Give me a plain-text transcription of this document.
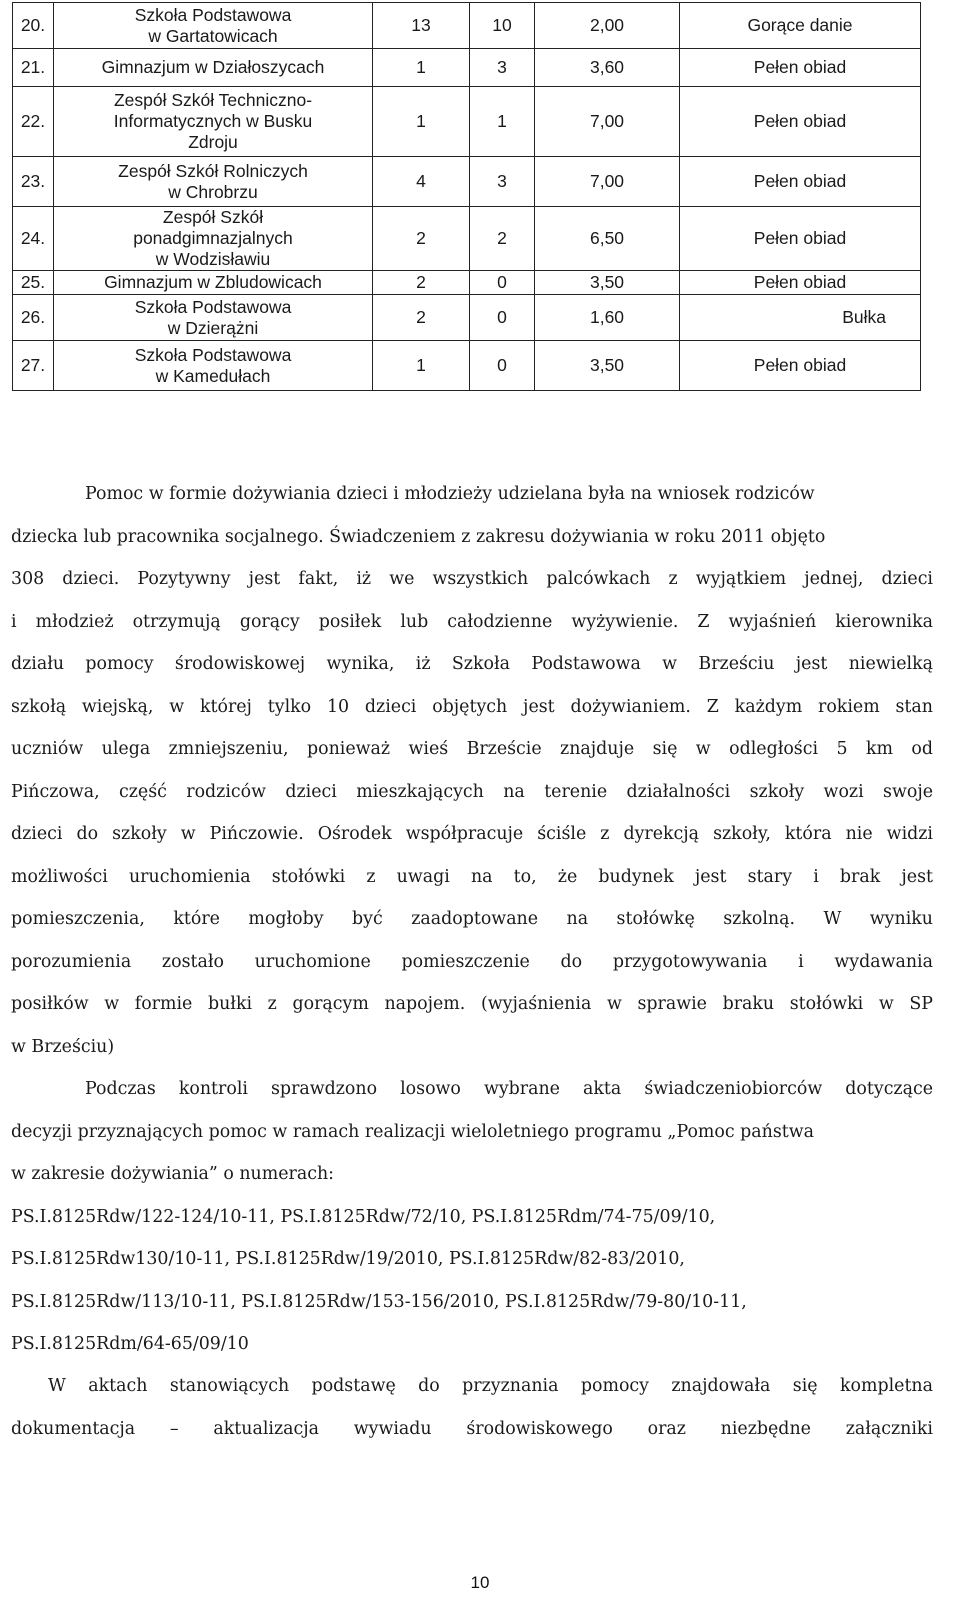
20.	Szkoła Podstawowa
w Gartatowicach	13	10	2,00	Gorące danie
21.	Gimnazjum w Działoszycach	1	3	3,60	Pełen obiad
22.	Zespół Szkół Techniczno-
Informatycznych w Busku
Zdroju	1	1	7,00	Pełen obiad
23.	Zespół Szkół Rolniczych
w Chrobrzu	4	3	7,00	Pełen obiad
24.	Zespół Szkół
ponadgimnazjalnych
w Wodzisławiu	2	2	6,50	Pełen obiad
25.	Gimnazjum w Zbludowicach	2	0	3,50	Pełen obiad
26.	Szkoła Podstawowa
w Dzierążni	2	0	1,60	Bułka
27.	Szkoła Podstawowa
w Kamedułach	1	0	3,50	Pełen obiad
Pomoc w formie dożywiania dzieci i młodzieży udzielana była na wniosek rodziców
dziecka lub pracownika socjalnego. Świadczeniem z zakresu dożywiania w roku 2011 objęto
308 dzieci. Pozytywny jest fakt, iż we wszystkich palcówkach z wyjątkiem jednej, dzieci
i młodzież otrzymują gorący posiłek lub całodzienne wyżywienie. Z wyjaśnień kierownika
działu pomocy środowiskowej wynika, iż Szkoła Podstawowa w Brześciu jest niewielką
szkołą wiejską, w której tylko 10 dzieci objętych jest dożywianiem. Z każdym rokiem stan
uczniów ulega zmniejszeniu, ponieważ wieś Brzeście znajduje się w odległości 5 km od
Pińczowa, część rodziców dzieci mieszkających na terenie działalności szkoły wozi swoje
dzieci do szkoły w Pińczowie. Ośrodek współpracuje ściśle z dyrekcją szkoły, która nie widzi
możliwości uruchomienia stołówki z uwagi na to, że budynek jest stary i brak jest
pomieszczenia, które mogłoby być zaadoptowane na stołówkę szkolną. W wyniku
porozumienia zostało uruchomione pomieszczenie do przygotowywania i wydawania
posiłków w formie bułki z gorącym napojem. (wyjaśnienia w sprawie braku stołówki w SP
w Brześciu)
Podczas kontroli sprawdzono losowo wybrane akta świadczeniobiorców dotyczące
decyzji przyznających pomoc w ramach realizacji wieloletniego programu „Pomoc państwa
w zakresie dożywiania” o numerach:
PS.I.8125Rdw/122-124/10-11, PS.I.8125Rdw/72/10, PS.I.8125Rdm/74-75/09/10,
PS.I.8125Rdw130/10-11, PS.I.8125Rdw/19/2010, PS.I.8125Rdw/82-83/2010,
PS.I.8125Rdw/113/10-11, PS.I.8125Rdw/153-156/2010, PS.I.8125Rdw/79-80/10-11,
PS.I.8125Rdm/64-65/09/10
W aktach stanowiących podstawę do przyznania pomocy znajdowała się kompletna
dokumentacja – aktualizacja wywiadu środowiskowego oraz niezbędne załączniki
10
